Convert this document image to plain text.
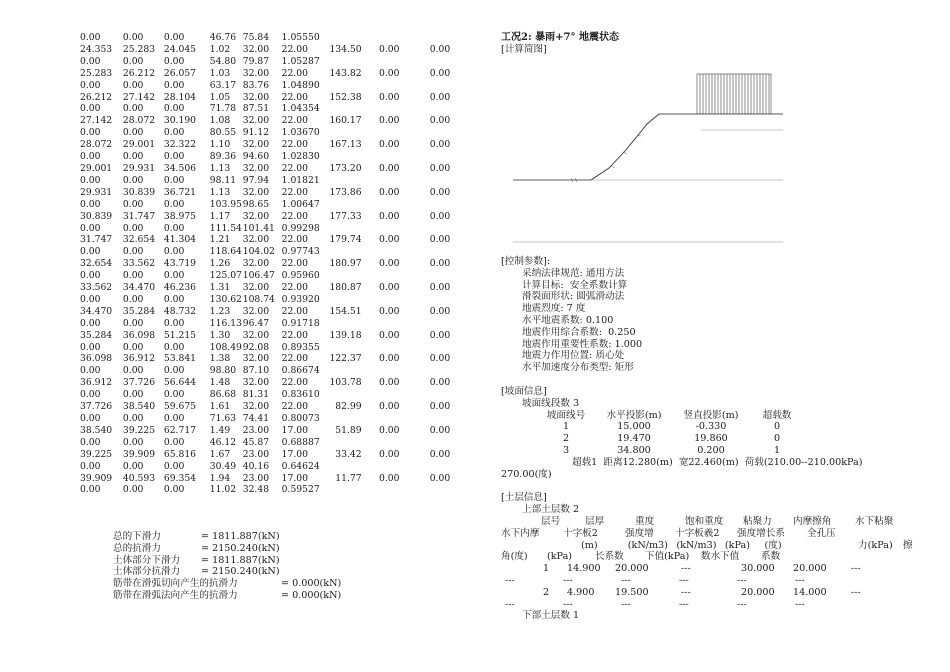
0.00	0.00	0.00	46.76	75.84	1.05550				
24.353	25.283	24.045	1.02	32.00	22.00	134.50	0.00	0.00	
0.00	0.00	0.00	54.80	79.87	1.05287				
25.283	26.212	26.057	1.03	32.00	22.00	143.82	0.00	0.00	
0.00	0.00	0.00	63.17	83.76	1.04890				
26.212	27.142	28.104	1.05	32.00	22.00	152.38	0.00	0.00	
0.00	0.00	0.00	71.78	87.51	1.04354				
27.142	28.072	30.190	1.08	32.00	22.00	160.17	0.00	0.00	
0.00	0.00	0.00	80.55	91.12	1.03670				
28.072	29.001	32.322	1.10	32.00	22.00	167.13	0.00	0.00	
0.00	0.00	0.00	89.36	94.60	1.02830				
29.001	29.931	34.506	1.13	32.00	22.00	173.20	0.00	0.00	
0.00	0.00	0.00	98.11	97.94	1.01821				
29.931	30.839	36.721	1.13	32.00	22.00	173.86	0.00	0.00	
0.00	0.00	0.00	103.95	98.65	1.00647				
30.839	31.747	38.975	1.17	32.00	22.00	177.33	0.00	0.00	
0.00	0.00	0.00	111.54	101.41	0.99298				
31.747	32.654	41.304	1.21	32.00	22.00	179.74	0.00	0.00	
0.00	0.00	0.00	118.64	104.02	0.97743				
32.654	33.562	43.719	1.26	32.00	22.00	180.97	0.00	0.00	
0.00	0.00	0.00	125.07	106.47	0.95960				
33.562	34.470	46.236	1.31	32.00	22.00	180.87	0.00	0.00	
0.00	0.00	0.00	130.62	108.74	0.93920				
34.470	35.284	48.732	1.23	32.00	22.00	154.51	0.00	0.00	
0.00	0.00	0.00	116.13	96.47	0.91718				
35.284	36.098	51.215	1.30	32.00	22.00	139.18	0.00	0.00	
0.00	0.00	0.00	108.49	92.08	0.89355				
36.098	36.912	53.841	1.38	32.00	22.00	122.37	0.00	0.00	
0.00	0.00	0.00	98.80	87.10	0.86674				
36.912	37.726	56.644	1.48	32.00	22.00	103.78	0.00	0.00	
0.00	0.00	0.00	86.68	81.31	0.83610				
37.726	38.540	59.675	1.61	32.00	22.00	82.99	0.00	0.00	
0.00	0.00	0.00	71.63	74.41	0.80073				
38.540	39.225	62.717	1.49	23.00	17.00	51.89	0.00	0.00	
0.00	0.00	0.00	46.12	45.87	0.68887				
39.225	39.909	65.816	1.67	23.00	17.00	33.42	0.00	0.00	
0.00	0.00	0.00	30.49	40.16	0.64624				
39.909	40.593	69.354	1.94	23.00	17.00	11.77	0.00	0.00	
0.00	0.00	0.00	11.02	32.48	0.59527				
总的下滑力	= 1811.887(kN)
总的抗滑力	= 2150.240(kN)
土体部分下滑力 = 1811.887(kN)
土体部分抗滑力 = 2150.240(kN)
筋带在滑弧切向产生的抗滑力	= 0.000(kN)
筋带在滑弧法向产生的抗滑力	= 0.000(kN)
工况2: 暴雨+7° 地震状态
[计算简图]
[控制参数]:
采纳法律规范: 通用方法
计算目标:  安全系数计算
滑裂面形状: 圆弧滑动法
地震烈度: 7 度
水平地震系数: 0.100
地震作用综合系数:  0.250
地震作用重要性系数: 1.000
地震力作用位置: 质心处
水平加速度分布类型: 矩形
[坡面信息]
坡面线段数 3
坡面线号	水平投影(m)	竖直投影(m)	超载数
1	15.000	-0.330	0
2	19.470	19.860	0
3	34.800	0.200	1
超载1  距离12.280(m)  宽22.460(m)  荷载(210.00--210.00kPa)
270.00(度)
[土层信息]
上部土层数 2
层号	层厚	重度	饱和重度	粘聚力	内摩擦角	水下粘聚
水下内摩	十字板2	强度增	十字板羲2	强度增长系	全孔压
(m)	(kN/m3) (kN/m3) (kPa)	(度)	力(kPa)	擦
角(度)	(kPa)	长系数	下值(kPa)	数水下值	系数
1	14.900	20.000	---	30.000	20.000	---
---	---	---	---	---	---
2	4.900	19.500	---	20.000	14.000	---
---	---	---	---	---	---
下部土层数 1
